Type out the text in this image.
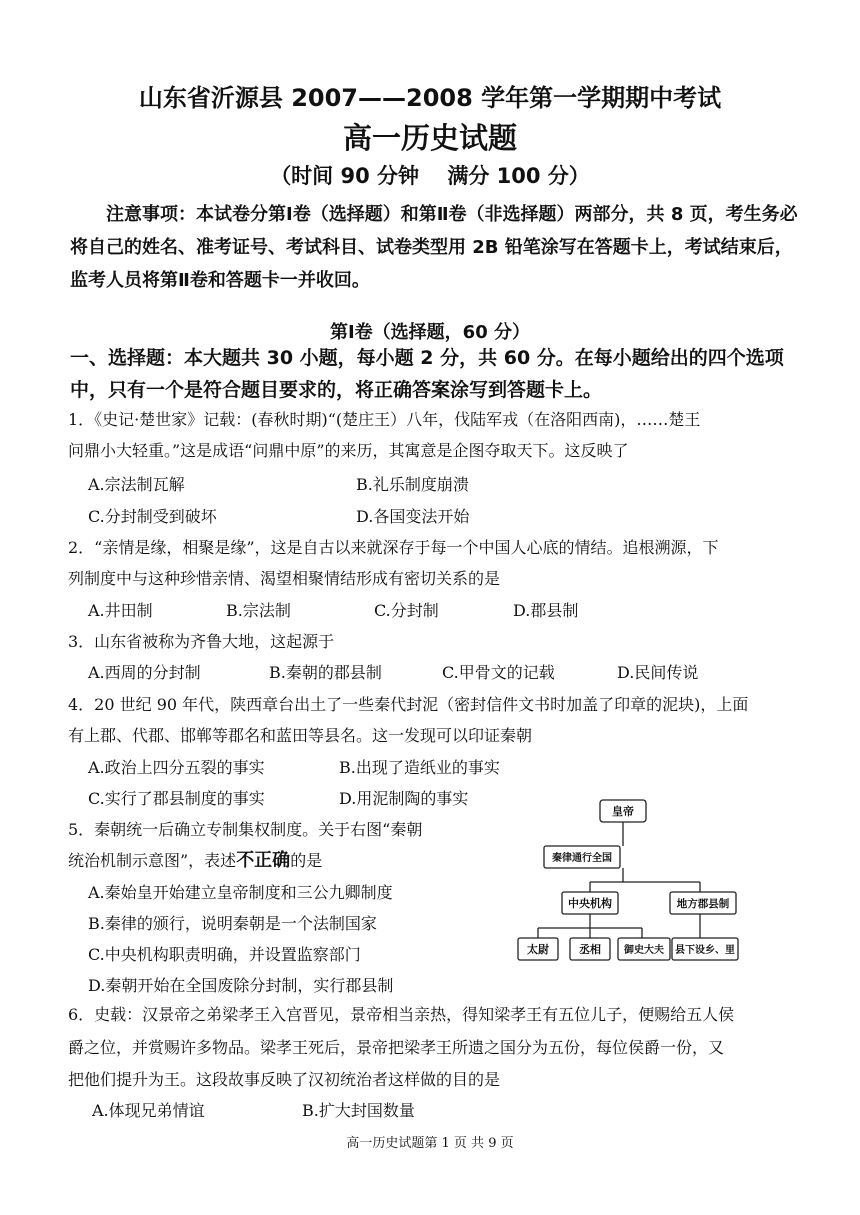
山东省沂源县 2007——2008 学年第一学期期中考试
高一历史试题
（时间 90 分钟　 满分 100 分）
　　注意事项：本试卷分第Ⅰ卷（选择题）和第Ⅱ卷（非选择题）两部分，共 8 页，考生务必将自己的姓名、准考证号、考试科目、试卷类型用 2B 铅笔涂写在答题卡上，考试结束后，监考人员将第Ⅱ卷和答题卡一并收回。
第Ⅰ卷（选择题，60 分）
一、选择题：本大题共 30 小题，每小题 2 分，共 60 分。在每小题给出的四个选项中，只有一个是符合题目要求的，将正确答案涂写到答题卡上。
1．《史记·楚世家》记载：(春秋时期)“(楚庄王）八年，伐陆军戎（在洛阳西南)，……楚王
问鼎小大轻重。”这是成语“问鼎中原”的来历，其寓意是企图夺取天下。这反映了
A.宗法制瓦解	B.礼乐制度崩溃
C.分封制受到破坏	D.各国变法开始
2．“亲情是缘，相聚是缘”，这是自古以来就深存于每一个中国人心底的情结。追根溯源，下
列制度中与这种珍惜亲情、渴望相聚情结形成有密切关系的是
A.井田制	B.宗法制	C.分封制	D.郡县制
3．山东省被称为齐鲁大地，这起源于
A.西周的分封制	B.秦朝的郡县制	C.甲骨文的记载	D.民间传说
4．20 世纪 90 年代，陕西章台出土了一些秦代封泥（密封信件文书时加盖了印章的泥块)，上面
有上郡、代郡、邯郸等郡名和蓝田等县名。这一发现可以印证秦朝
A.政治上四分五裂的事实	B.出现了造纸业的事实
C.实行了郡县制度的事实	D.用泥制陶的事实
5．秦朝统一后确立专制集权制度。关于右图“秦朝
统治机制示意图”，表述不正确的是
A.秦始皇开始建立皇帝制度和三公九卿制度
B.秦律的颁行，说明秦朝是一个法制国家
C.中央机构职责明确，并设置监察部门
D.秦朝开始在全国废除分封制，实行郡县制
皇帝
秦律通行全国
中央机构	地方郡县制
太尉	丞相 御史大夫 县下设乡、里
6．史载：汉景帝之弟梁孝王入宫晋见，景帝相当亲热，得知梁孝王有五位儿子，便赐给五人侯
爵之位，并赏赐许多物品。梁孝王死后，景帝把梁孝王所遗之国分为五份，每位侯爵一份，又
把他们提升为王。这段故事反映了汉初统治者这样做的目的是
A.体现兄弟情谊	B.扩大封国数量
高一历史试题第 1 页 共 9 页
